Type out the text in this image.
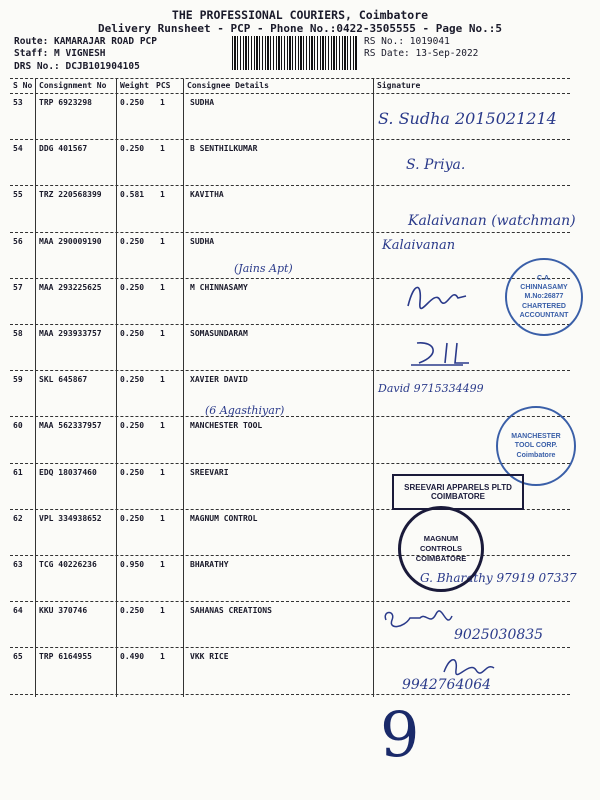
THE PROFESSIONAL COURIERS, Coimbatore
Delivery Runsheet - PCP - Phone No.:0422-3505555 - Page No.:5
Route: KAMARAJAR ROAD PCP
Staff: M VIGNESH
DRS No.: DCJB101904105
RS No.: 1019041
RS Date: 13-Sep-2022
S No Consignment No Weight PCS Consignee Details	Signature
53 TRP 6923298	0.250 1	SUDHA
S. Sudha 2015021214
54 DDG 401567	0.250 1	B SENTHILKUMAR
S. Priya.
55 TRZ 220568399 0.581 1	KAVITHA
Kalaivanan (watchman)
56 MAA 290009190 0.250 1	SUDHA	Kalaivanan
57 MAA 293225625 0.250 1	M CHINNASAMY
58 MAA 293933757 0.250 1	SOMASUNDARAM
59 SKL 645867	0.250 1	XAVIER DAVID
David 9715334499
60 MAA 562337957 0.250 1	MANCHESTER TOOL
61 EDQ 18037460	0.250 1	SREEVARI
62 VPL 334938652 0.250 1	MAGNUM CONTROL
63 TCG 40226236	0.950 1	BHARATHY
G. Bharathy 97919 07337
64 KKU 370746	0.250 1	SAHANAS CREATIONS
9025030835
65 TRP 6164955	0.490 1	VKK RICE
9942764064
(Jains Apt)
(6 Agasthiyar)
9
C.A. CHINNASAMY M.No:26877 CHARTERED ACCOUNTANT
MANCHESTER TOOL CORP. Coimbatore
SREEVARI APPARELS PLTD COIMBATORE
MAGNUM CONTROLS COIMBATORE
